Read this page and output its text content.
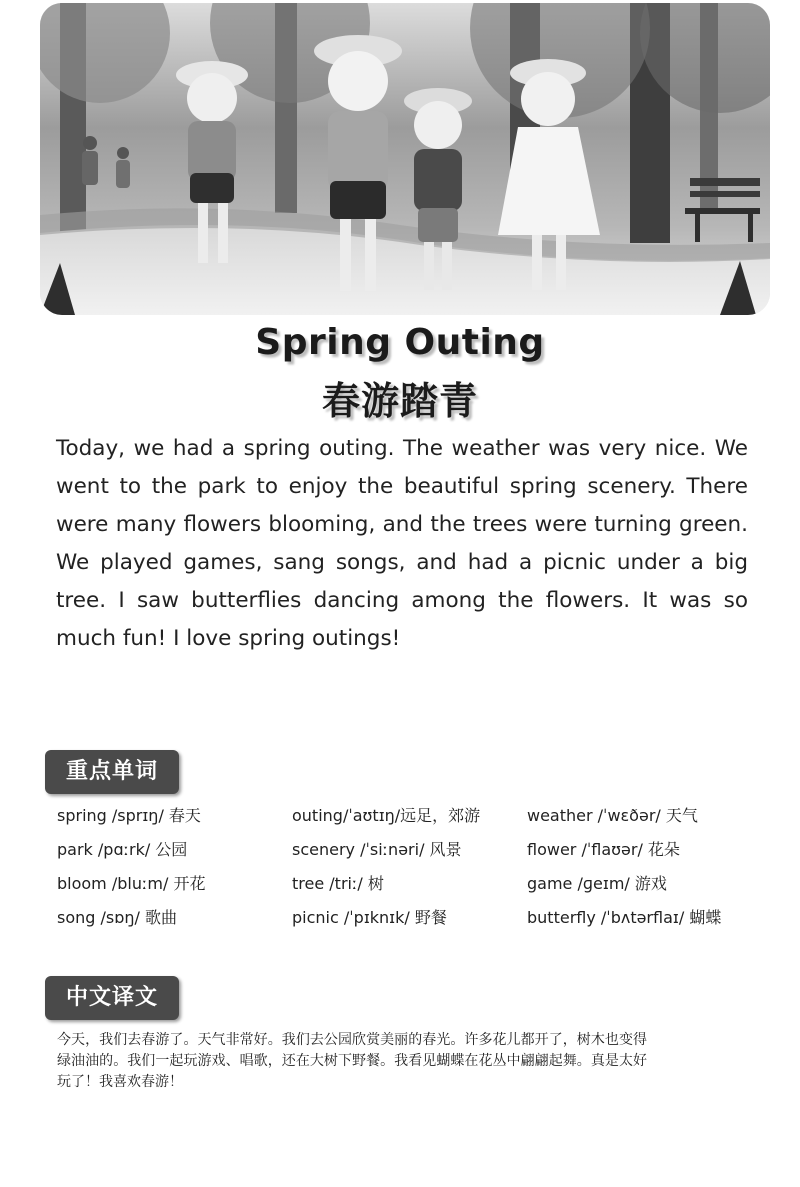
Spring Outing
春游踏青
Today, we had a spring outing. The weather was very nice. We went to the park to enjoy the beautiful spring scenery. There were many flowers blooming, and the trees were turning green. We played games, sang songs, and had a picnic under a big tree. I saw butterflies dancing among the flowers. It was so much fun! I love spring outings!
重点单词
spring /sprɪŋ/ 春天	outing/ˈaʊtɪŋ/远足，郊游	weather /ˈwɛðər/ 天气
park /pɑːrk/ 公园	scenery /ˈsiːnəri/ 风景	flower /ˈflaʊər/ 花朵
bloom /bluːm/ 开花	tree /triː/ 树	game /ɡeɪm/ 游戏
song /sɒŋ/ 歌曲	picnic /ˈpɪknɪk/ 野餐	butterfly /ˈbʌtərflaɪ/ 蝴蝶
中文译文
今天，我们去春游了。天气非常好。我们去公园欣赏美丽的春光。许多花儿都开了，树木也变得绿油油的。我们一起玩游戏、唱歌，还在大树下野餐。我看见蝴蝶在花丛中翩翩起舞。真是太好玩了！我喜欢春游！
